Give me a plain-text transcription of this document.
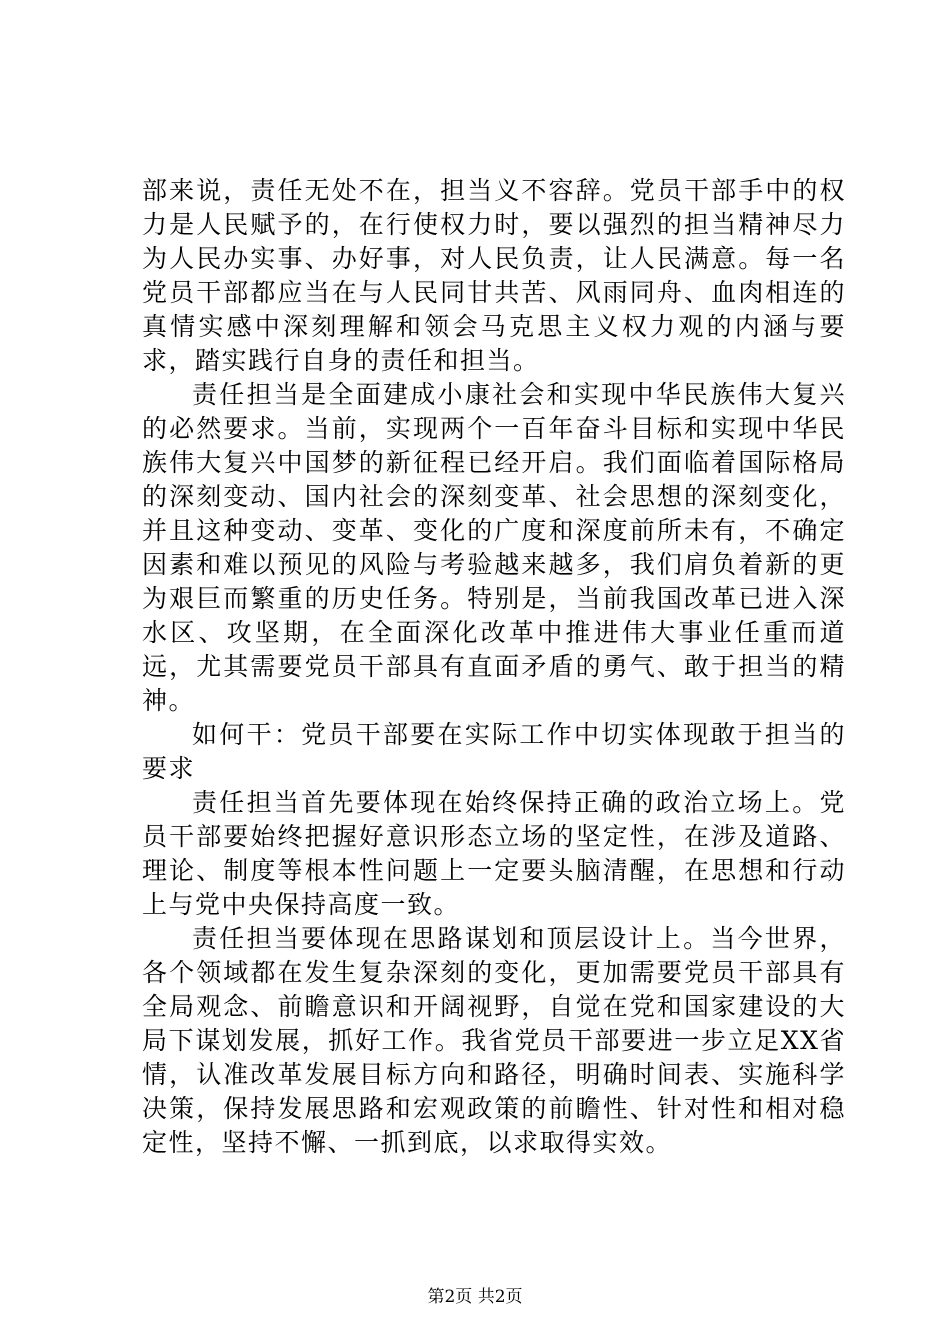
部来说，责任无处不在，担当义不容辞。党员干部手中的权力是人民赋予的，在行使权力时，要以强烈的担当精神尽力为人民办实事、办好事，对人民负责，让人民满意。每一名党员干部都应当在与人民同甘共苦、风雨同舟、血肉相连的真情实感中深刻理解和领会马克思主义权力观的内涵与要求，踏实践行自身的责任和担当。

责任担当是全面建成小康社会和实现中华民族伟大复兴的必然要求。当前，实现两个一百年奋斗目标和实现中华民族伟大复兴中国梦的新征程已经开启。我们面临着国际格局的深刻变动、国内社会的深刻变革、社会思想的深刻变化，并且这种变动、变革、变化的广度和深度前所未有，不确定因素和难以预见的风险与考验越来越多，我们肩负着新的更为艰巨而繁重的历史任务。特别是，当前我国改革已进入深水区、攻坚期，在全面深化改革中推进伟大事业任重而道远，尤其需要党员干部具有直面矛盾的勇气、敢于担当的精神。

如何干：党员干部要在实际工作中切实体现敢于担当的要求

责任担当首先要体现在始终保持正确的政治立场上。党员干部要始终把握好意识形态立场的坚定性，在涉及道路、理论、制度等根本性问题上一定要头脑清醒，在思想和行动上与党中央保持高度一致。

责任担当要体现在思路谋划和顶层设计上。当今世界，各个领域都在发生复杂深刻的变化，更加需要党员干部具有全局观念、前瞻意识和开阔视野，自觉在党和国家建设的大局下谋划发展，抓好工作。我省党员干部要进一步立足XX省情，认准改革发展目标方向和路径，明确时间表、实施科学决策，保持发展思路和宏观政策的前瞻性、针对性和相对稳定性，坚持不懈、一抓到底，以求取得实效。

第2页 共2页
